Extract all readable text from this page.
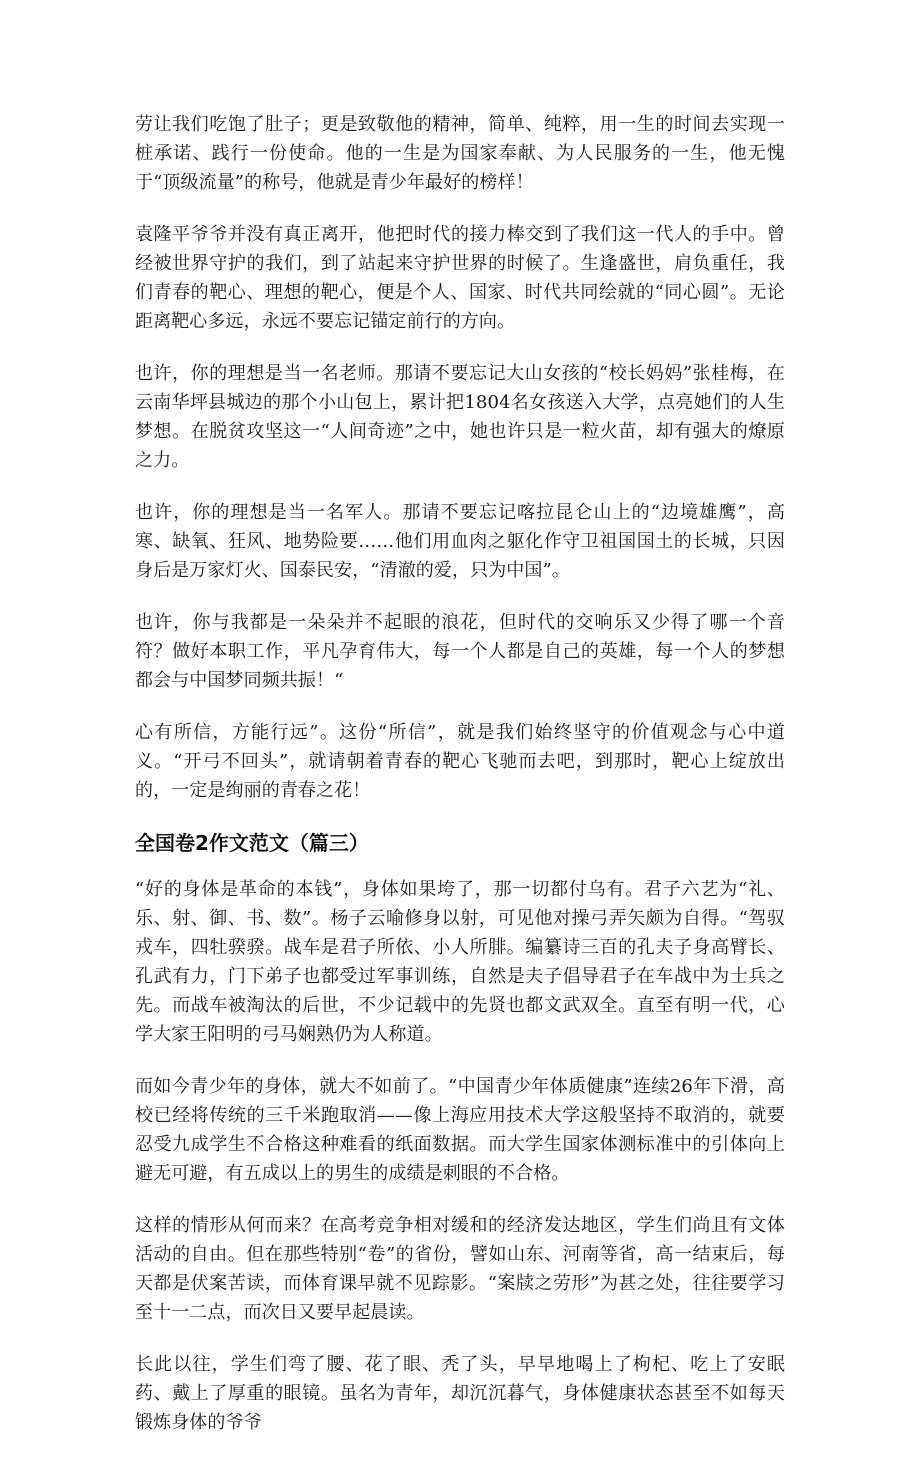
劳让我们吃饱了肚子；更是致敬他的精神，简单、纯粹，用一生的时间去实现一桩承诺、践行一份使命。他的一生是为国家奉献、为人民服务的一生，他无愧于“顶级流量”的称号，他就是青少年最好的榜样！

袁隆平爷爷并没有真正离开，他把时代的接力棒交到了我们这一代人的手中。曾经被世界守护的我们，到了站起来守护世界的时候了。生逢盛世，肩负重任，我们青春的靶心、理想的靶心，便是个人、国家、时代共同绘就的“同心圆”。无论距离靶心多远，永远不要忘记锚定前行的方向。

也许，你的理想是当一名老师。那请不要忘记大山女孩的“校长妈妈”张桂梅，在云南华坪县城边的那个小山包上，累计把1804名女孩送入大学，点亮她们的人生梦想。在脱贫攻坚这一“人间奇迹”之中，她也许只是一粒火苗，却有强大的燎原之力。

也许，你的理想是当一名军人。那请不要忘记喀拉昆仑山上的“边境雄鹰”，高寒、缺氧、狂风、地势险要……他们用血肉之躯化作守卫祖国国土的长城，只因身后是万家灯火、国泰民安，“清澈的爱，只为中国”。

也许，你与我都是一朵朵并不起眼的浪花，但时代的交响乐又少得了哪一个音符？做好本职工作，平凡孕育伟大，每一个人都是自己的英雄，每一个人的梦想都会与中国梦同频共振！“

心有所信，方能行远”。这份“所信”，就是我们始终坚守的价值观念与心中道义。“开弓不回头”，就请朝着青春的靶心飞驰而去吧，到那时，靶心上绽放出的，一定是绚丽的青春之花！

全国卷2作文范文（篇三）

“好的身体是革命的本钱”，身体如果垮了，那一切都付乌有。君子六艺为“礼、乐、射、御、书、数”。杨子云喻修身以射，可见他对操弓弄矢颇为自得。“驾驭戎车，四牡骙骙。战车是君子所依、小人所腓。编纂诗三百的孔夫子身高臂长、孔武有力，门下弟子也都受过军事训练，自然是夫子倡导君子在车战中为士兵之先。而战车被淘汰的后世，不少记载中的先贤也都文武双全。直至有明一代，心学大家王阳明的弓马娴熟仍为人称道。

而如今青少年的身体，就大不如前了。“中国青少年体质健康”连续26年下滑，高校已经将传统的三千米跑取消——像上海应用技术大学这般坚持不取消的，就要忍受九成学生不合格这种难看的纸面数据。而大学生国家体测标准中的引体向上避无可避，有五成以上的男生的成绩是刺眼的不合格。

这样的情形从何而来？在高考竞争相对缓和的经济发达地区，学生们尚且有文体活动的自由。但在那些特别“卷”的省份，譬如山东、河南等省，高一结束后，每天都是伏案苦读，而体育课早就不见踪影。“案牍之劳形”为甚之处，往往要学习至十一二点，而次日又要早起晨读。

长此以往，学生们弯了腰、花了眼、秃了头，早早地喝上了枸杞、吃上了安眠药、戴上了厚重的眼镜。虽名为青年，却沉沉暮气，身体健康状态甚至不如每天锻炼身体的爷爷
